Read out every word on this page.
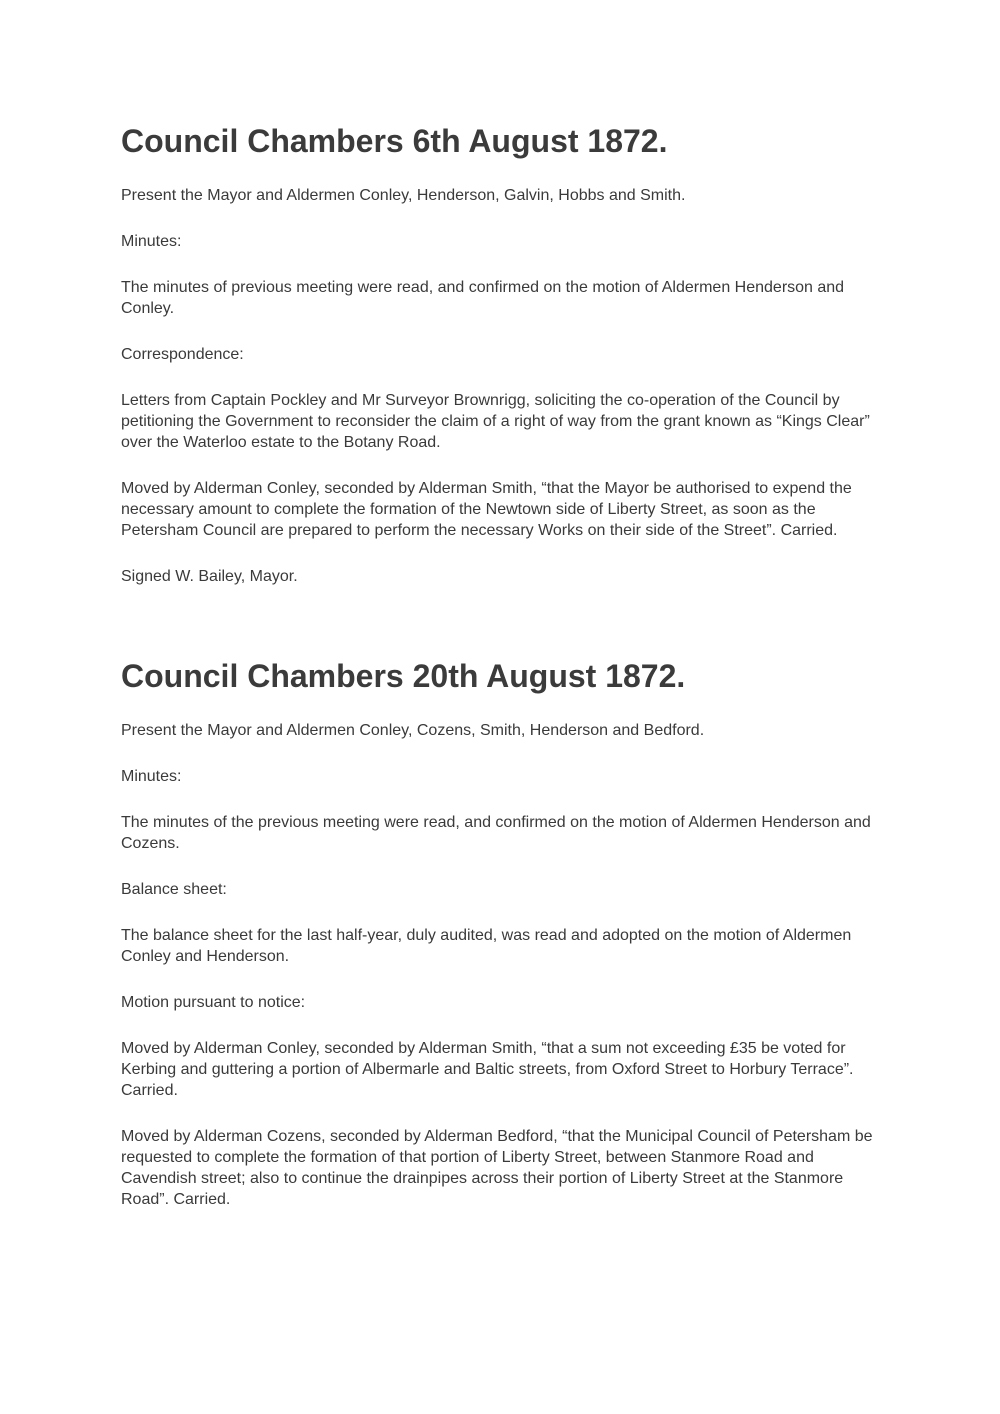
Council Chambers 6th August 1872.

Present the Mayor and Aldermen Conley, Henderson, Galvin, Hobbs and Smith.

Minutes:

The minutes of previous meeting were read, and confirmed on the motion of Aldermen Henderson and Conley.

Correspondence:

Letters from Captain Pockley and Mr Surveyor Brownrigg, soliciting the co-operation of the Council by petitioning the Government to reconsider the claim of a right of way from the grant known as “Kings Clear” over the Waterloo estate to the Botany Road.

Moved by Alderman Conley, seconded by Alderman Smith, “that the Mayor be authorised to expend the necessary amount to complete the formation of the Newtown side of Liberty Street, as soon as the Petersham Council are prepared to perform the necessary Works on their side of the Street”. Carried.

Signed W. Bailey, Mayor.

Council Chambers 20th August 1872.

Present the Mayor and Aldermen Conley, Cozens, Smith, Henderson and Bedford.

Minutes:

The minutes of the previous meeting were read, and confirmed on the motion of Aldermen Henderson and Cozens.

Balance sheet:

The balance sheet for the last half-year, duly audited, was read and adopted on the motion of Aldermen Conley and Henderson.

Motion pursuant to notice:

Moved by Alderman Conley, seconded by Alderman Smith, “that a sum not exceeding £35 be voted for Kerbing and guttering a portion of Albermarle and Baltic streets, from Oxford Street to Horbury Terrace”. Carried.

Moved by Alderman Cozens, seconded by Alderman Bedford, “that the Municipal Council of Petersham be requested to complete the formation of that portion of Liberty Street, between Stanmore Road and Cavendish street; also to continue the drainpipes across their portion of Liberty Street at the Stanmore Road”. Carried.
